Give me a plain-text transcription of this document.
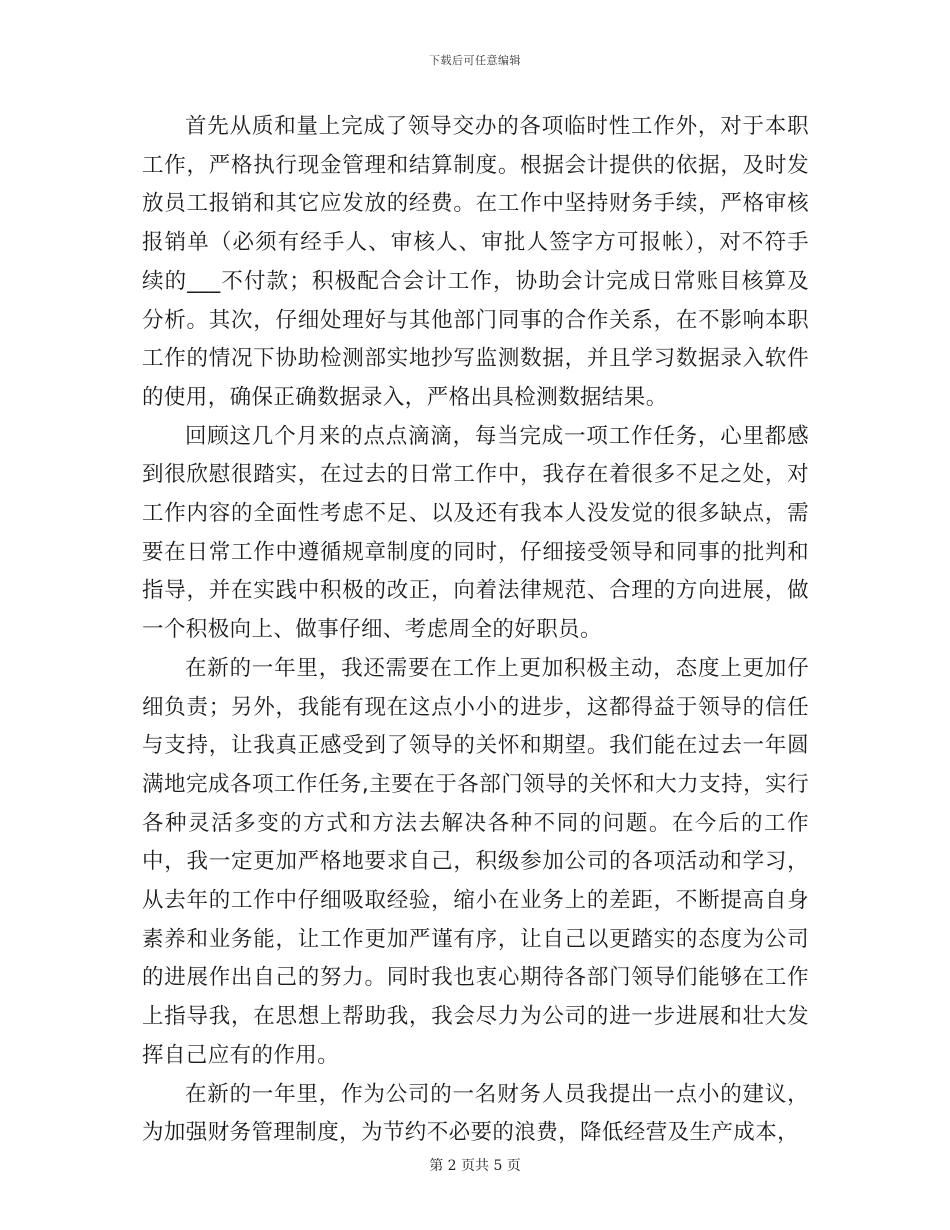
下载后可任意编辑

首先从质和量上完成了领导交办的各项临时性工作外，对于本职工作，严格执行现金管理和结算制度。根据会计提供的依据，及时发放员工报销和其它应发放的经费。在工作中坚持财务手续，严格审核报销单（必须有经手人、审核人、审批人签字方可报帐），对不符手续的___不付款；积极配合会计工作，协助会计完成日常账目核算及分析。其次，仔细处理好与其他部门同事的合作关系，在不影响本职工作的情况下协助检测部实地抄写监测数据，并且学习数据录入软件的使用，确保正确数据录入，严格出具检测数据结果。

回顾这几个月来的点点滴滴，每当完成一项工作任务，心里都感到很欣慰很踏实，在过去的日常工作中，我存在着很多不足之处，对工作内容的全面性考虑不足、以及还有我本人没发觉的很多缺点，需要在日常工作中遵循规章制度的同时，仔细接受领导和同事的批判和指导，并在实践中积极的改正，向着法律规范、合理的方向进展，做一个积极向上、做事仔细、考虑周全的好职员。

在新的一年里，我还需要在工作上更加积极主动，态度上更加仔细负责；另外，我能有现在这点小小的进步，这都得益于领导的信任与支持，让我真正感受到了领导的关怀和期望。我们能在过去一年圆满地完成各项工作任务,主要在于各部门领导的关怀和大力支持，实行各种灵活多变的方式和方法去解决各种不同的问题。在今后的工作中，我一定更加严格地要求自己，积级参加公司的各项活动和学习，从去年的工作中仔细吸取经验，缩小在业务上的差距，不断提高自身素养和业务能，让工作更加严谨有序，让自己以更踏实的态度为公司的进展作出自己的努力。同时我也衷心期待各部门领导们能够在工作上指导我，在思想上帮助我，我会尽力为公司的进一步进展和壮大发挥自己应有的作用。

在新的一年里，作为公司的一名财务人员我提出一点小的建议，为加强财务管理制度，为节约不必要的浪费，降低经营及生产成本，

第 2 页共 5 页
